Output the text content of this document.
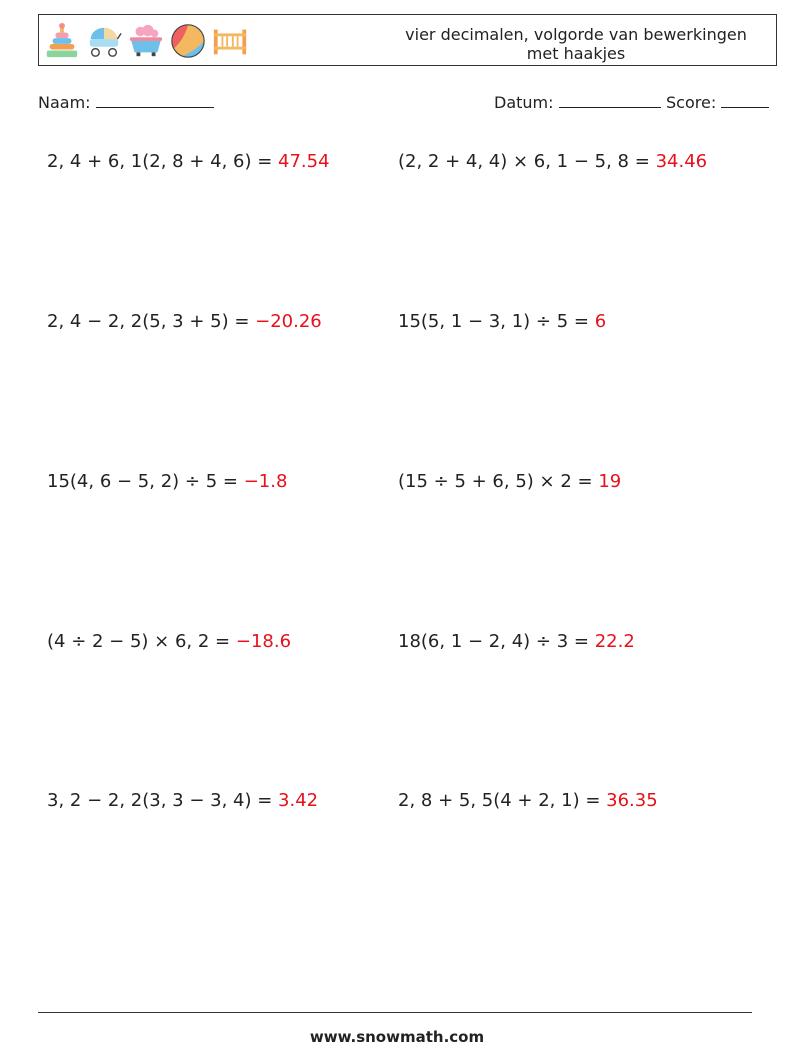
vier decimalen, volgorde van bewerkingen met haakjes
Naam:	Datum:	Score:
2, 4 + 6, 1(2, 8 + 4, 6) = 47.54	(2, 2 + 4, 4) × 6, 1 − 5, 8 = 34.46
2, 4 − 2, 2(5, 3 + 5) = −20.26	15(5, 1 − 3, 1) ÷ 5 = 6
15(4, 6 − 5, 2) ÷ 5 = −1.8	(15 ÷ 5 + 6, 5) × 2 = 19
(4 ÷ 2 − 5) × 6, 2 = −18.6	18(6, 1 − 2, 4) ÷ 3 = 22.2
3, 2 − 2, 2(3, 3 − 3, 4) = 3.42	2, 8 + 5, 5(4 + 2, 1) = 36.35
www.snowmath.com
